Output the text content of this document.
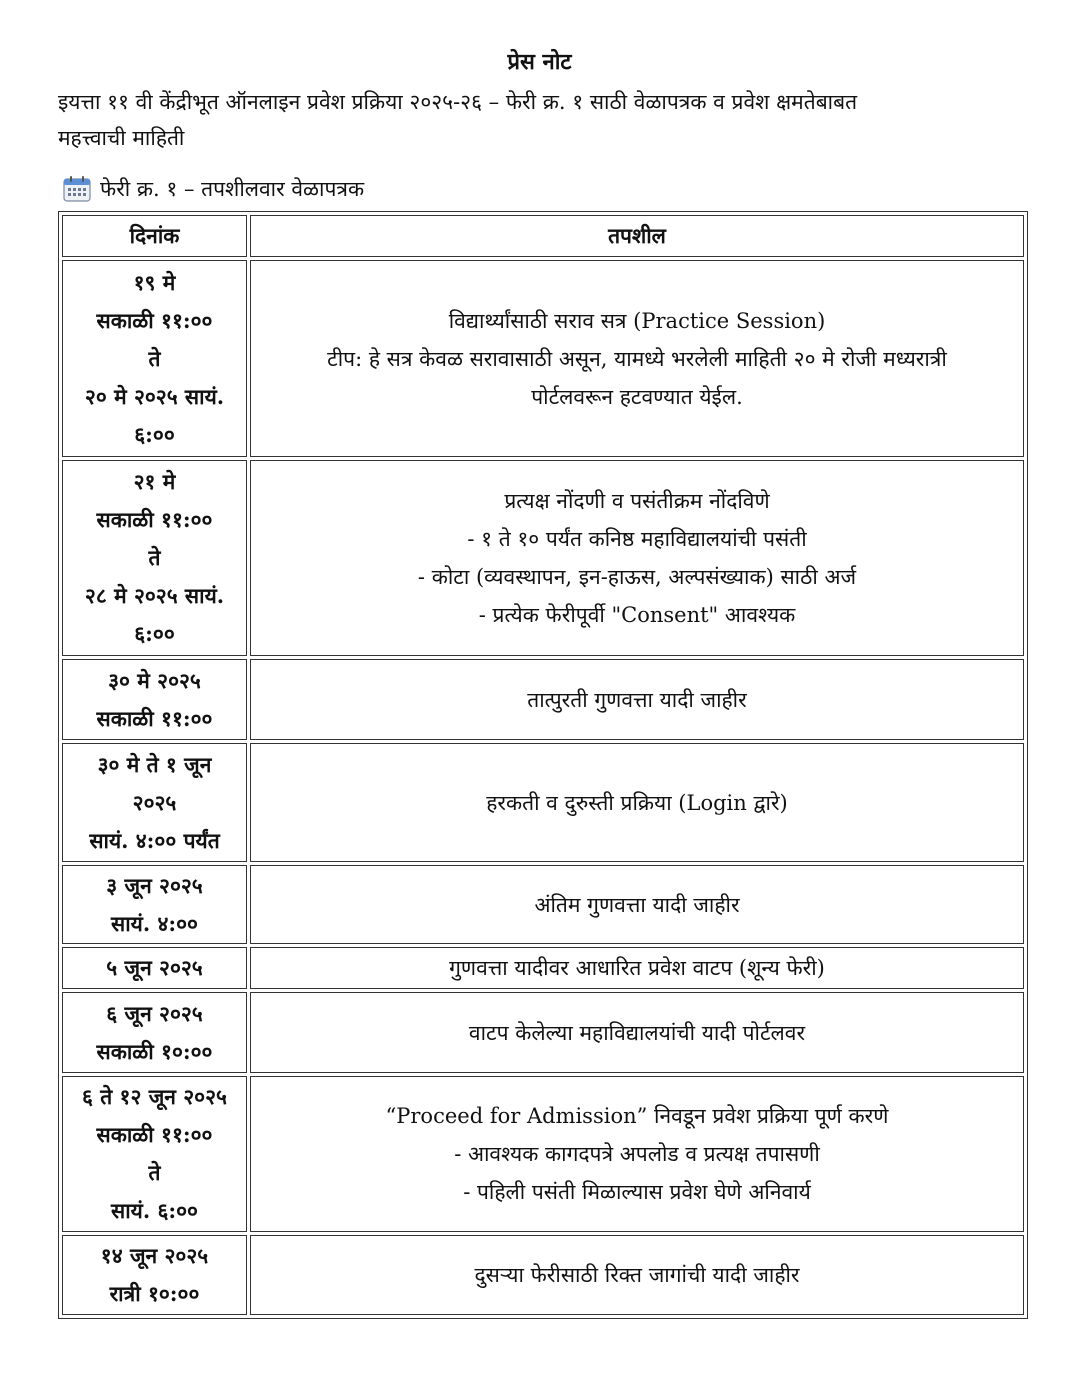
प्रेस नोट
इयत्ता ११ वी केंद्रीभूत ऑनलाइन प्रवेश प्रक्रिया २०२५-२६ – फेरी क्र. १ साठी वेळापत्रक व प्रवेश क्षमतेबाबत
महत्त्वाची माहिती
फेरी क्र. १ – तपशीलवार वेळापत्रक
दिनांक	तपशील

१९ मे
सकाळी ११:००
ते
२० मे २०२५ सायं.
६:००	विद्यार्थ्यांसाठी सराव सत्र (Practice Session)
टीप: हे सत्र केवळ सरावासाठी असून, यामध्ये भरलेली माहिती २० मे रोजी मध्यरात्री
पोर्टलवरून हटवण्यात येईल.

२१ मे
सकाळी ११:००
ते
२८ मे २०२५ सायं.
६:००	प्रत्यक्ष नोंदणी व पसंतीक्रम नोंदविणे
- १ ते १० पर्यंत कनिष्ठ महाविद्यालयांची पसंती
- कोटा (व्यवस्थापन, इन-हाऊस, अल्पसंख्याक) साठी अर्ज
- प्रत्येक फेरीपूर्वी "Consent" आवश्यक

३० मे २०२५
सकाळी ११:००	तात्पुरती गुणवत्ता यादी जाहीर

३० मे ते १ जून
२०२५
सायं. ४:०० पर्यंत	हरकती व दुरुस्ती प्रक्रिया (Login द्वारे)

३ जून २०२५
सायं. ४:००	अंतिम गुणवत्ता यादी जाहीर

५ जून २०२५	गुणवत्ता यादीवर आधारित प्रवेश वाटप (शून्य फेरी)

६ जून २०२५
सकाळी १०:००	वाटप केलेल्या महाविद्यालयांची यादी पोर्टलवर

६ ते १२ जून २०२५
सकाळी ११:००
ते
सायं. ६:००	“Proceed for Admission” निवडून प्रवेश प्रक्रिया पूर्ण करणे
- आवश्यक कागदपत्रे अपलोड व प्रत्यक्ष तपासणी
- पहिली पसंती मिळाल्यास प्रवेश घेणे अनिवार्य

१४ जून २०२५
रात्री १०:००	दुसऱ्या फेरीसाठी रिक्त जागांची यादी जाहीर
